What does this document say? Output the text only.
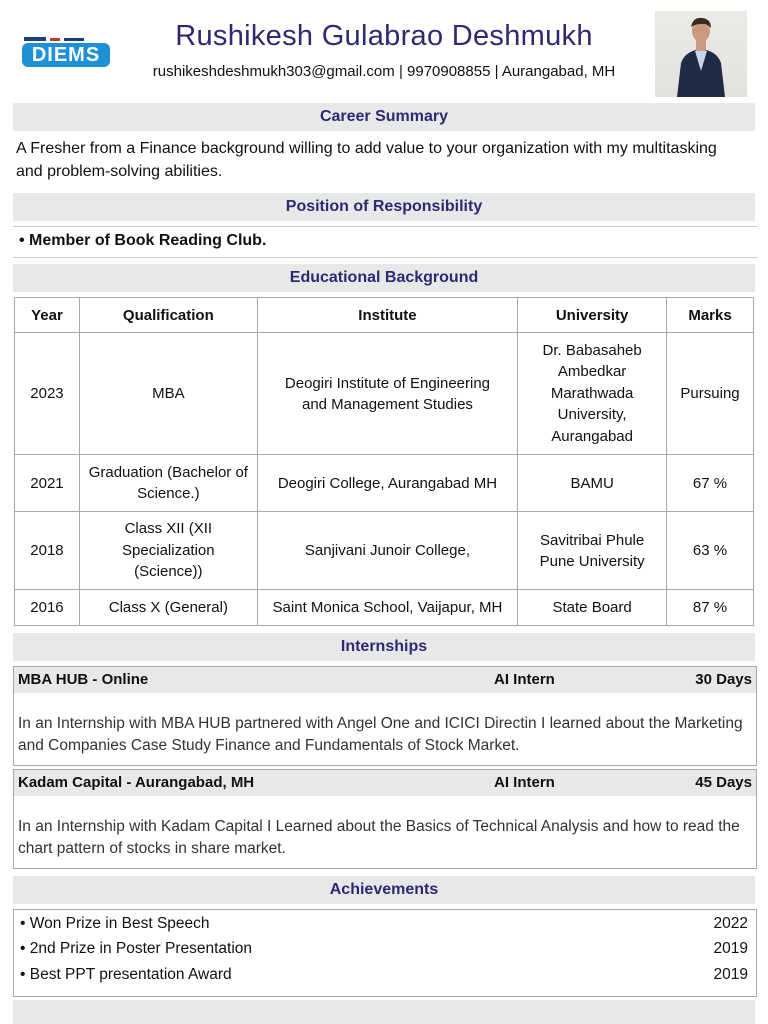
DIEMS
Rushikesh Gulabrao Deshmukh
rushikeshdeshmukh303@gmail.com | 9970908855 | Aurangabad, MH
Career Summary
A Fresher from a Finance background willing to add value to your organization with my multitasking and problem-solving abilities.
Position of Responsibility
• Member of Book Reading Club.
Educational Background
Year	Qualification	Institute	University	Marks
2023	MBA	Deogiri Institute of Engineering and Management Studies	Dr. Babasaheb Ambedkar Marathwada University, Aurangabad	Pursuing
2021	Graduation (Bachelor of Science.)	Deogiri College, Aurangabad MH	BAMU	67 %
2018	Class XII (XII Specialization (Science))	Sanjivani Junoir College,	Savitribai Phule Pune University	63 %
2016	Class X (General)	Saint Monica School, Vaijapur, MH	State Board	87 %
Internships
MBA HUB - Online	AI Intern	30 Days
In an Internship with MBA HUB partnered with Angel One and ICICI Directin I learned about the Marketing and Companies Case Study Finance and Fundamentals of Stock Market.
Kadam Capital - Aurangabad, MH	AI Intern	45 Days
In an Internship with Kadam Capital I Learned about the Basics of Technical Analysis and how to read the chart pattern of stocks in share market.
Achievements
• Won Prize in Best Speech	2022
• 2nd Prize in Poster Presentation	2019
• Best PPT presentation Award	2019
